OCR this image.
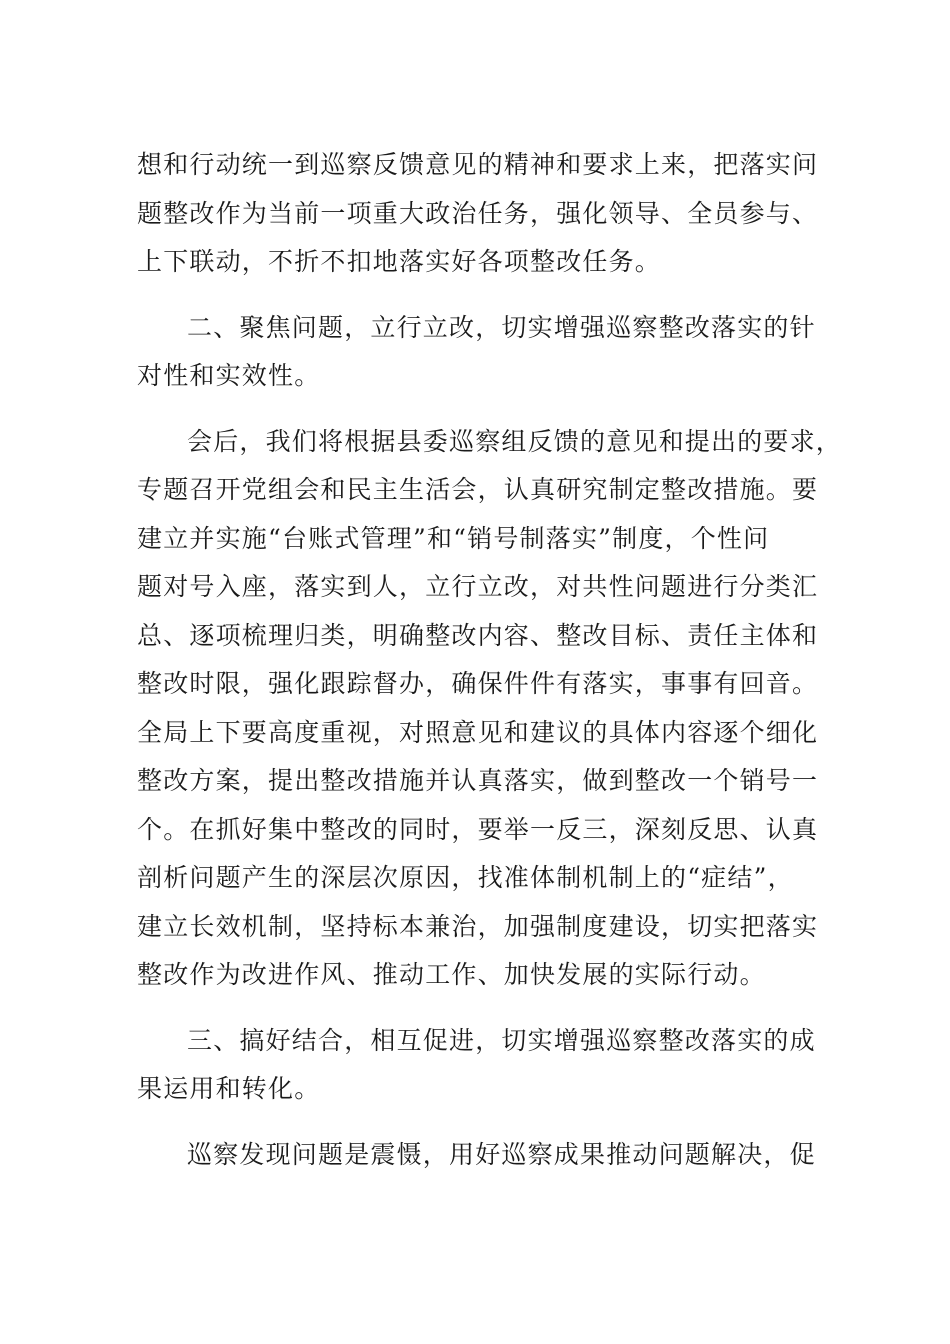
想和行动统一到巡察反馈意见的精神和要求上来，把落实问
题整改作为当前一项重大政治任务，强化领导、全员参与、
上下联动，不折不扣地落实好各项整改任务。

二、聚焦问题，立行立改，切实增强巡察整改落实的针
对性和实效性。

会后，我们将根据县委巡察组反馈的意见和提出的要求，
专题召开党组会和民主生活会，认真研究制定整改措施。要
建立并实施“台账式管理”和“销号制落实”制度，个性问
题对号入座，落实到人，立行立改，对共性问题进行分类汇
总、逐项梳理归类，明确整改内容、整改目标、责任主体和
整改时限，强化跟踪督办，确保件件有落实，事事有回音。
全局上下要高度重视，对照意见和建议的具体内容逐个细化
整改方案，提出整改措施并认真落实，做到整改一个销号一
个。在抓好集中整改的同时，要举一反三，深刻反思、认真
剖析问题产生的深层次原因，找准体制机制上的“症结”，
建立长效机制，坚持标本兼治，加强制度建设，切实把落实
整改作为改进作风、推动工作、加快发展的实际行动。

三、搞好结合，相互促进，切实增强巡察整改落实的成
果运用和转化。

巡察发现问题是震慑，用好巡察成果推动问题解决，促
